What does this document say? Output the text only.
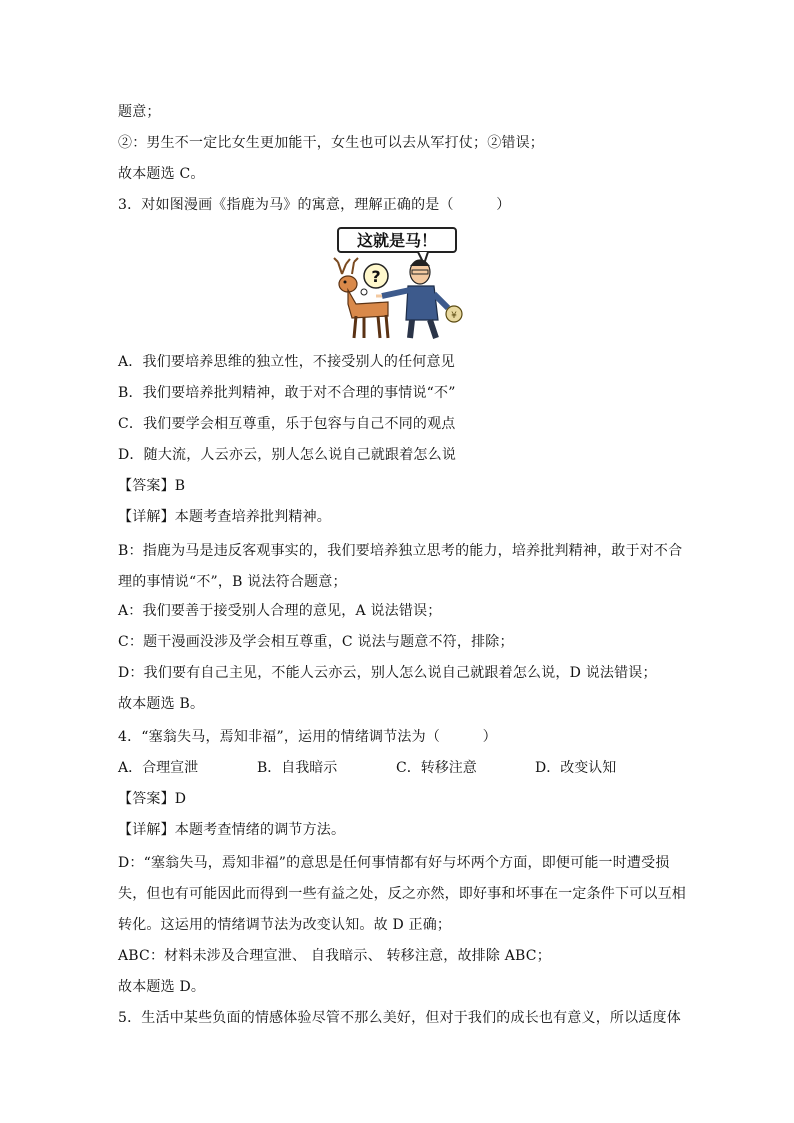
题意；
②：男生不一定比女生更加能干，女生也可以去从军打仗；②错误；
故本题选 C。
3．对如图漫画《指鹿为马》的寓意，理解正确的是（　　　）
这就是马！
?
¥
A．我们要培养思维的独立性，不接受别人的任何意见
B．我们要培养批判精神，敢于对不合理的事情说“不”
C．我们要学会相互尊重，乐于包容与自己不同的观点
D．随大流，人云亦云，别人怎么说自己就跟着怎么说
【答案】B
【详解】本题考查培养批判精神。
B：指鹿为马是违反客观事实的，我们要培养独立思考的能力，培养批判精神，敢于对不合
理的事情说“不”，B 说法符合题意；
A：我们要善于接受别人合理的意见，A 说法错误；
C：题干漫画没涉及学会相互尊重，C 说法与题意不符，排除；
D：我们要有自己主见，不能人云亦云，别人怎么说自己就跟着怎么说，D 说法错误；
故本题选 B。
4．“塞翁失马，焉知非福”，运用的情绪调节法为（　　　）
A．合理宣泄	B．自我暗示	C．转移注意	D．改变认知
【答案】D
【详解】本题考查情绪的调节方法。
D：“塞翁失马，焉知非福”的意思是任何事情都有好与坏两个方面，即便可能一时遭受损
失，但也有可能因此而得到一些有益之处，反之亦然，即好事和坏事在一定条件下可以互相
转化。这运用的情绪调节法为改变认知。故 D 正确；
ABC：材料未涉及合理宣泄、 自我暗示、 转移注意，故排除 ABC；
故本题选 D。
5．生活中某些负面的情感体验尽管不那么美好，但对于我们的成长也有意义，所以适度体
